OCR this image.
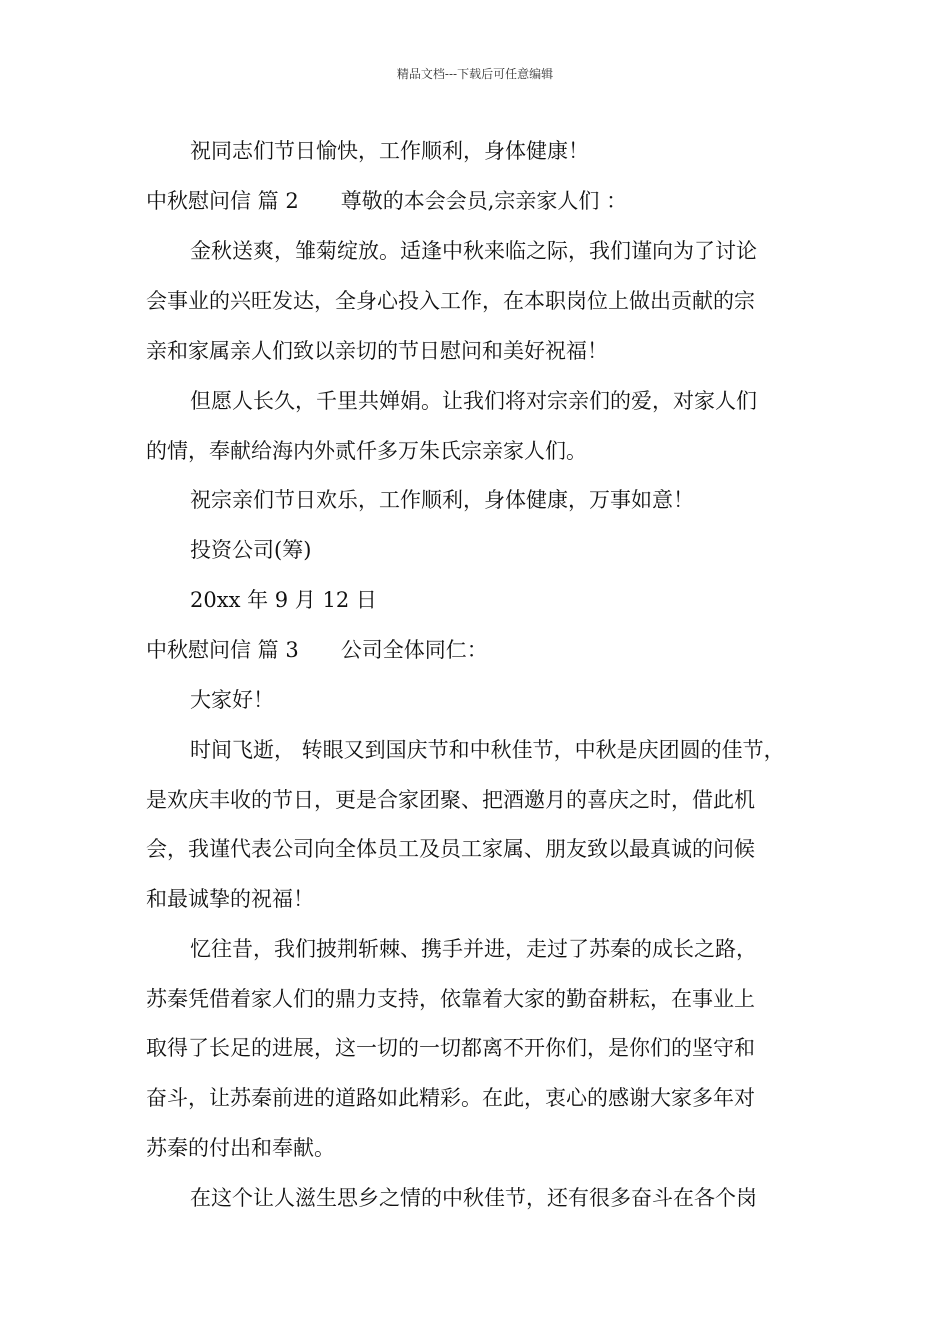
精品文档---下载后可任意编辑
祝同志们节日愉快，工作顺利，身体健康！
中秋慰问信 篇 2 尊敬的本会会员,宗亲家人们 ：
金秋送爽，雏菊绽放。适逢中秋来临之际，我们谨向为了讨论
会事业的兴旺发达，全身心投入工作，在本职岗位上做出贡献的宗
亲和家属亲人们致以亲切的节日慰问和美好祝福！
但愿人长久，千里共婵娟。让我们将对宗亲们的爱，对家人们
的情，奉献给海内外贰仟多万朱氏宗亲家人们。
祝宗亲们节日欢乐，工作顺利，身体健康，万事如意！
投资公司(筹)
20xx 年 9 月 12 日
中秋慰问信 篇 3 公司全体同仁：
大家好！
时间飞逝， 转眼又到国庆节和中秋佳节，中秋是庆团圆的佳节，
是欢庆丰收的节日，更是合家团聚、把酒邀月的喜庆之时，借此机
会，我谨代表公司向全体员工及员工家属、朋友致以最真诚的问候
和最诚挚的祝福！
忆往昔，我们披荆斩棘、携手并进，走过了苏秦的成长之路，
苏秦凭借着家人们的鼎力支持，依靠着大家的勤奋耕耘，在事业上
取得了长足的进展，这一切的一切都离不开你们，是你们的坚守和
奋斗，让苏秦前进的道路如此精彩。在此，衷心的感谢大家多年对
苏秦的付出和奉献。
在这个让人滋生思乡之情的中秋佳节，还有很多奋斗在各个岗
